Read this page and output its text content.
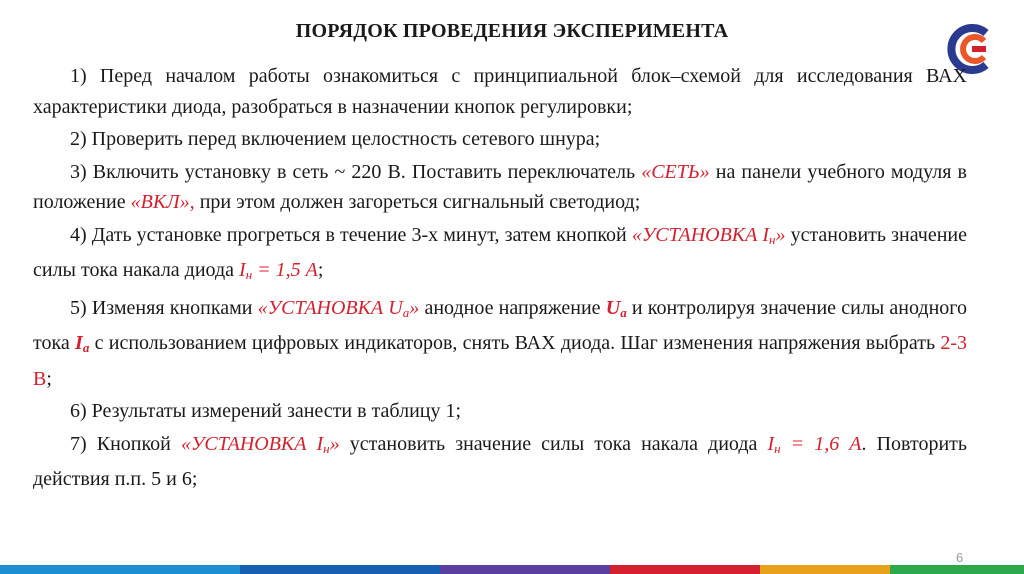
ПОРЯДОК ПРОВЕДЕНИЯ ЭКСПЕРИМЕНТА

1) Перед началом работы ознакомиться с принципиальной блок–схемой для исследования ВАХ характеристики диода, разобраться в назначении кнопок регулировки;

2) Проверить перед включением целостность сетевого шнура;

3) Включить установку в сеть ~ 220 В. Поставить переключатель «СЕТЬ» на панели учебного модуля в положение «ВКЛ», при этом должен загореться сигнальный светодиод;

4) Дать установке прогреться в течение 3-х минут, затем кнопкой «УСТАНОВКА $I_н$» установить значение силы тока накала диода $I_н = 1,5$ А;

5) Изменяя кнопками «УСТАНОВКА $U_а$» анодное напряжение $U_а$ и контролируя значение силы анодного тока $I_а$ с использованием цифровых индикаторов, снять ВАХ диода. Шаг изменения напряжения выбрать 2-3 В;

6) Результаты измерений занести в таблицу 1;

7) Кнопкой «УСТАНОВКА $I_н$» установить значение силы тока накала диода $I_н = 1,6$ А. Повторить действия п.п. 5 и 6;

6
